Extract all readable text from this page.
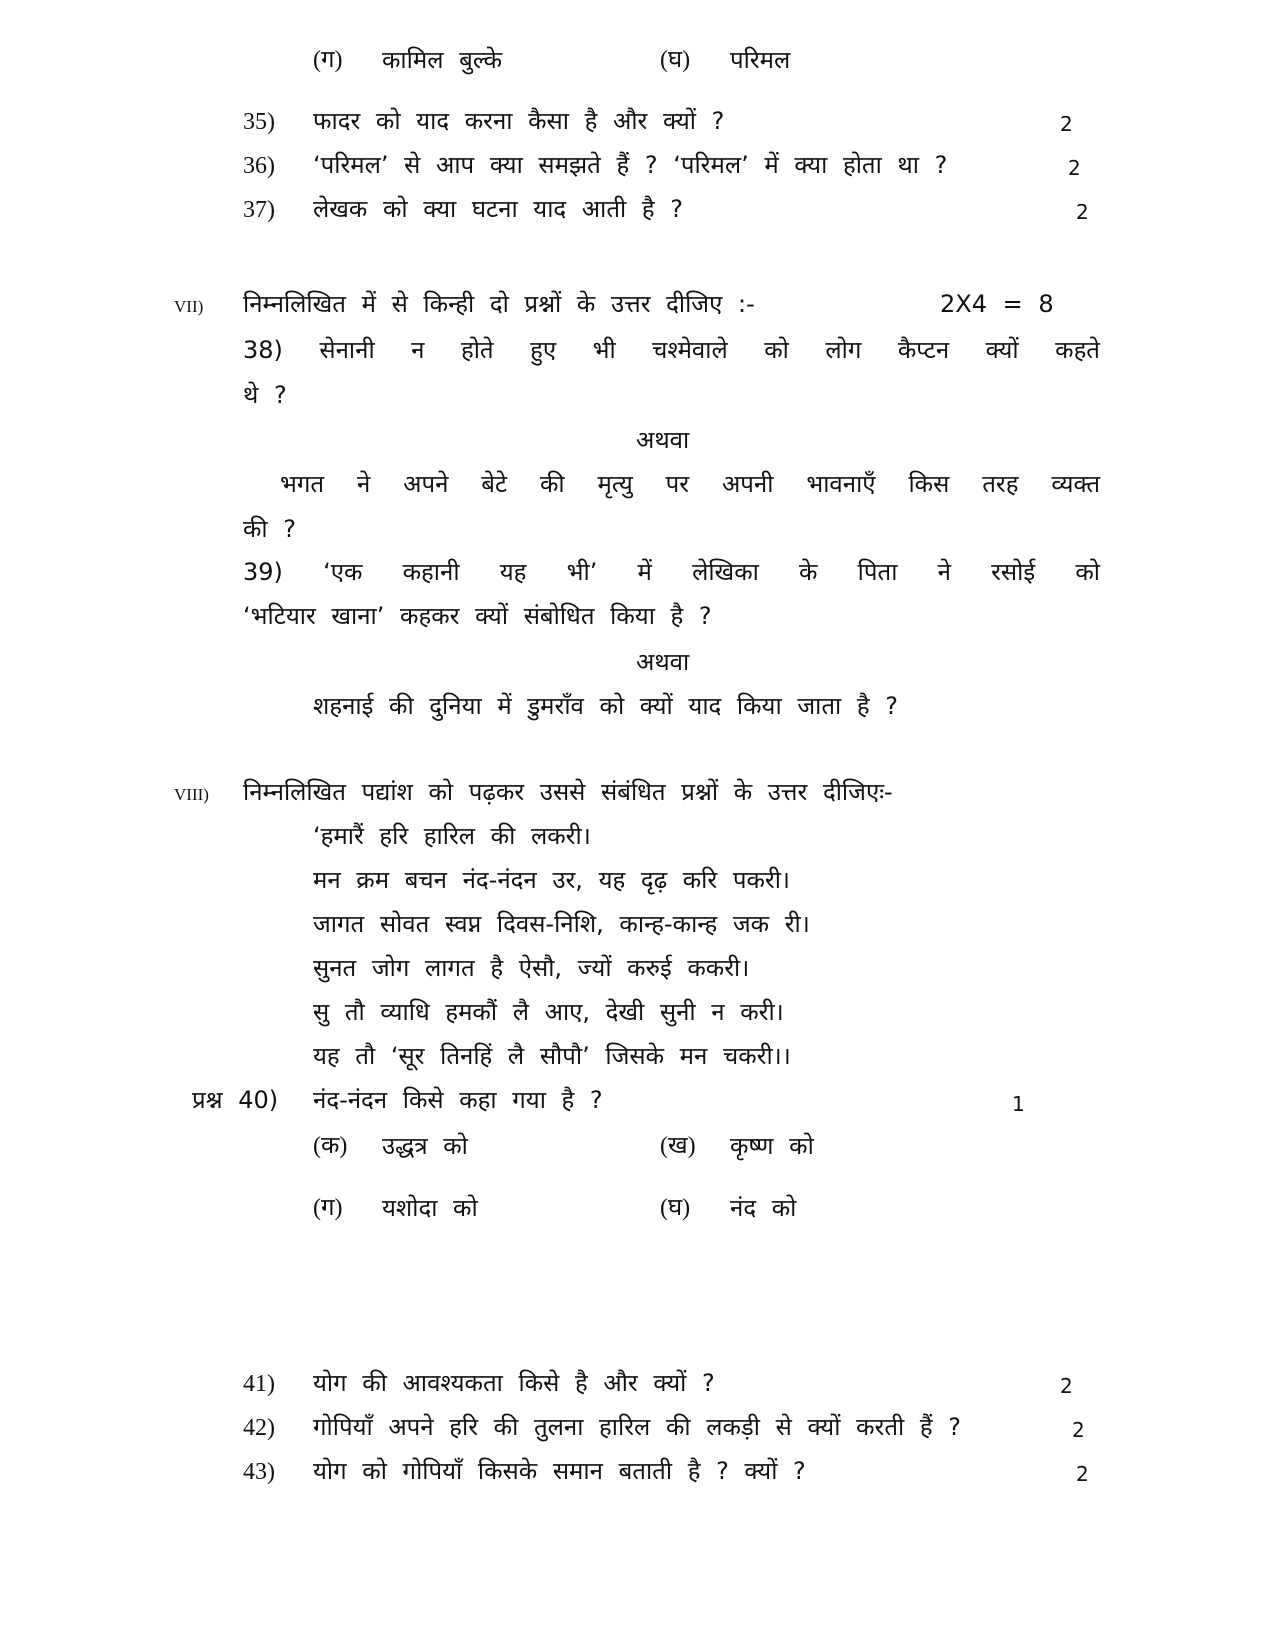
(ग) कामिल बुल्के	(घ) परिमल
35) फादर को याद करना कैसा है और क्यों ?	2
36) ‘परिमल’ से आप क्या समझते हैं ? ‘परिमल’ में क्या होता था ?	2
37) लेखक को क्या घटना याद आती है ?	2
VII) निम्नलिखित में से किन्ही दो प्रश्नों के उत्तर दीजिए :-	2X4 = 8
38) सेनानी न होते हुए भी चश्मेवाले को लोग कैप्टन क्यों कहते
थे ?
अथवा
भगत ने अपने बेटे की मृत्यु पर अपनी भावनाएँ किस तरह व्यक्त
की ?
39) ‘एक कहानी यह भी’ में लेखिका के पिता ने रसोई को
‘भटियार खाना’ कहकर क्यों संबोधित किया है ?
अथवा
शहनाई की दुनिया में डुमराँव को क्यों याद किया जाता है ?
VIII) निम्नलिखित पद्यांश को पढ़कर उससे संबंधित प्रश्नों के उत्तर दीजिएः-
‘हमारैं हरि हारिल की लकरी।
मन क्रम बचन नंद-नंदन उर, यह दृढ़ करि पकरी।
जागत सोवत स्वप्न दिवस-निशि, कान्ह-कान्ह जक री।
सुनत जोग लागत है ऐसौ, ज्यों करुई ककरी।
सु तौ व्याधि हमकौं लै आए, देखी सुनी न करी।
यह तौ ‘सूर तिनहिं लै सौपौ’ जिसके मन चकरी।।
प्रश्न 40) नंद-नंदन किसे कहा गया है ?	1
(क) उद्धत्र को	(ख) कृष्ण को
(ग) यशोदा को	(घ) नंद को
41) योग की आवश्यकता किसे है और क्यों ?	2
42) गोपियाँ अपने हरि की तुलना हारिल की लकड़ी से क्यों करती हैं ?	2
43) योग को गोपियाँ किसके समान बताती है ? क्यों ?	2
